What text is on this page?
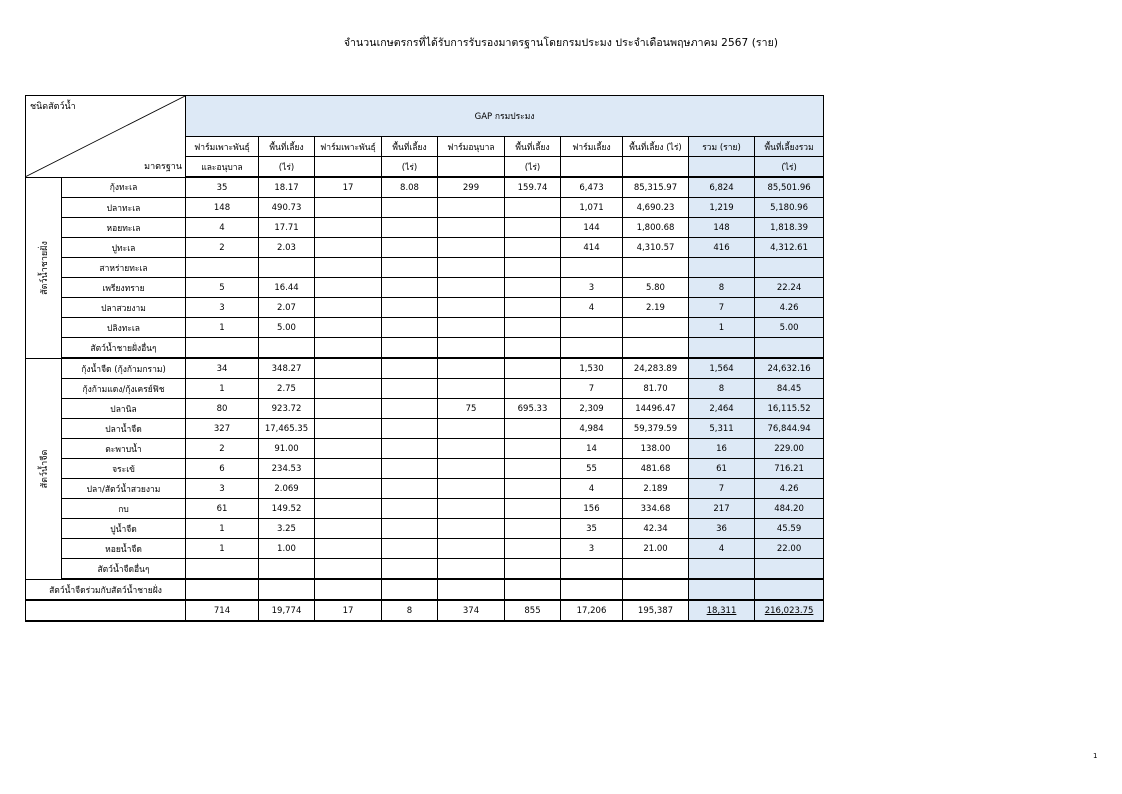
จำนวนเกษตรกรที่ได้รับการรับรองมาตรฐานโดยกรมประมง ประจำเดือนพฤษภาคม 2567 (ราย)
ชนิดสัตว์น้ำ
มาตรฐาน		GAP กรมประมง									
		ฟาร์มเพาะพันธุ์	พื้นที่เลี้ยง	ฟาร์มเพาะพันธุ์	พื้นที่เลี้ยง	ฟาร์มอนุบาล	พื้นที่เลี้ยง	ฟาร์มเลี้ยง	พื้นที่เลี้ยง (ไร่)	รวม (ราย)	พื้นที่เลี้ยงรวม
		และอนุบาล	(ไร่)		(ไร่)		(ไร่)				(ไร่)

สัตว์น้ำชายฝั่ง	กุ้งทะเล	35	18.17	17	8.08	299	159.74	6,473	85,315.97	6,824	85,501.96
	ปลาทะเล	148	490.73					1,071	4,690.23	1,219	5,180.96
	หอยทะเล	4	17.71					144	1,800.68	148	1,818.39
	ปูทะเล	2	2.03					414	4,310.57	416	4,312.61
	สาหร่ายทะเล										
	เพรียงทราย	5	16.44					3	5.80	8	22.24
	ปลาสวยงาม	3	2.07					4	2.19	7	4.26
	ปลิงทะเล	1	5.00							1	5.00
	สัตว์น้ำชายฝั่งอื่นๆ										

สัตว์น้ำจืด	กุ้งน้ำจืด (กุ้งก้ามกราม)	34	348.27					1,530	24,283.89	1,564	24,632.16
	กุ้งก้ามแดง/กุ้งเครย์ฟิช	1	2.75					7	81.70	8	84.45
	ปลานิล	80	923.72			75	695.33	2,309	14496.47	2,464	16,115.52
	ปลาน้ำจืด	327	17,465.35					4,984	59,379.59	5,311	76,844.94
	ตะพาบน้ำ	2	91.00					14	138.00	16	229.00
	จระเข้	6	234.53					55	481.68	61	716.21
	ปลา/สัตว์น้ำสวยงาม	3	2.069					4	2.189	7	4.26
	กบ	61	149.52					156	334.68	217	484.20
	ปูน้ำจืด	1	3.25					35	42.34	36	45.59
	หอยน้ำจืด	1	1.00					3	21.00	4	22.00
	สัตว์น้ำจืดอื่นๆ										
สัตว์น้ำจืดร่วมกับสัตว์น้ำชายฝั่ง											
		714	19,774	17	8	374	855	17,206	195,387	18,311	216,023.75
1
